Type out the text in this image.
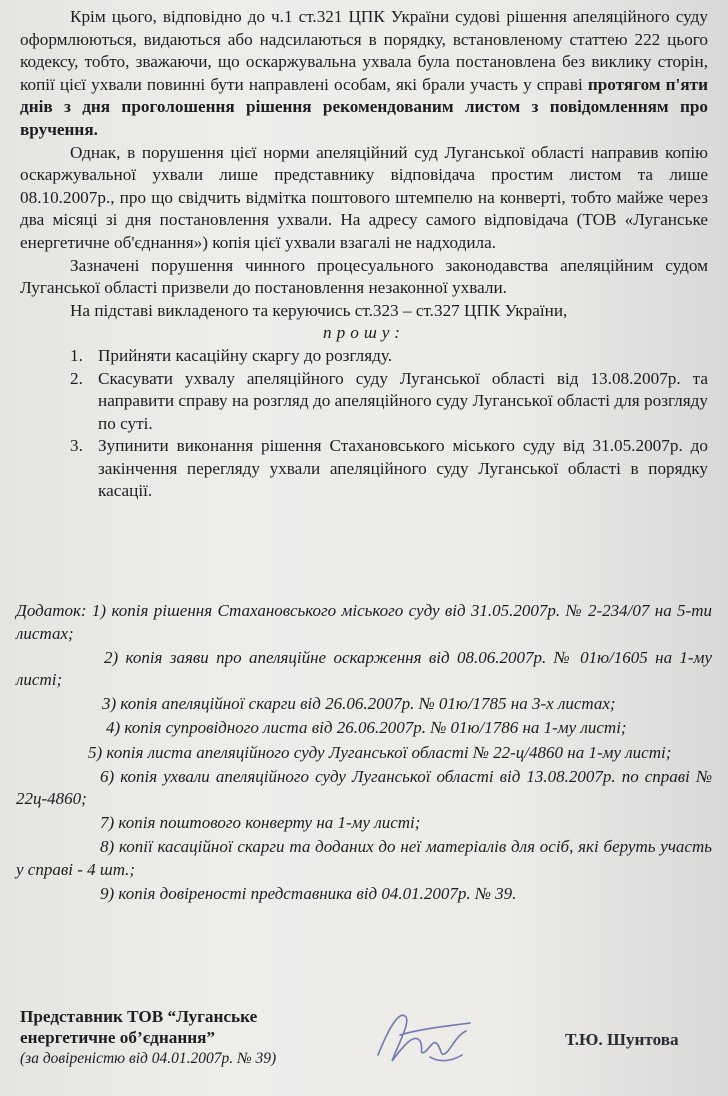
Крім цього, відповідно до ч.1 ст.321 ЦПК України судові рішення апеляційного суду оформлюються, видаються або надсилаються в порядку, встановленому статтею 222 цього кодексу, тобто, зважаючи, що оскаржувальна ухвала була постановлена без виклику сторін, копії цієї ухвали повинні бути направлені особам, які брали участь у справі протягом п'яти днів з дня проголошення рішення рекомендованим листом з повідомленням про вручення.

Однак, в порушення цієї норми апеляційний суд Луганської області направив копію оскаржувальної ухвали лише представнику відповідача простим листом та лише 08.10.2007р., про що свідчить відмітка поштового штемпелю на конверті, тобто майже через два місяці зі дня постановлення ухвали. На адресу самого відповідача (ТОВ «Луганське енергетичне об'єднання») копія цієї ухвали взагалі не надходила.

Зазначені порушення чинного процесуального законодавства апеляційним судом Луганської області призвели до постановлення незаконної ухвали.

На підставі викладеного та керуючись ст.323 – ст.327 ЦПК України,

прошу:

1. Прийняти касаційну скаргу до розгляду.
2. Скасувати ухвалу апеляційного суду Луганської області від 13.08.2007р. та направити справу на розгляд до апеляційного суду Луганської області для розгляду по суті.
3. Зупинити виконання рішення Стахановського міського суду від 31.05.2007р. до закінчення перегляду ухвали апеляційного суду Луганської області в порядку касації.

Додаток: 1) копія рішення Стахановського міського суду від 31.05.2007р. № 2-234/07 на 5-ти листах;

2) копія заяви про апеляційне оскарження від 08.06.2007р. № 01ю/1605 на 1-му листі;

3) копія апеляційної скарги від 26.06.2007р. № 01ю/1785 на 3-х листах;

4) копія супровідного листа від 26.06.2007р. № 01ю/1786 на 1-му листі;

5) копія листа апеляційного суду Луганської області № 22-ц/4860 на 1-му листі;

6) копія ухвали апеляційного суду Луганської області від 13.08.2007р. по справі № 22ц-4860;

7) копія поштового конверту на 1-му листі;

8) копії касаційної скарги та доданих до неї матеріалів для осіб, які беруть участь у справі - 4 шт.;

9) копія довіреності представника від 04.01.2007р. № 39.

Представник ТОВ “Луганське
енергетичне об’єднання”
(за довіреністю від 04.01.2007р. № 39)
Т.Ю. Шунтова
